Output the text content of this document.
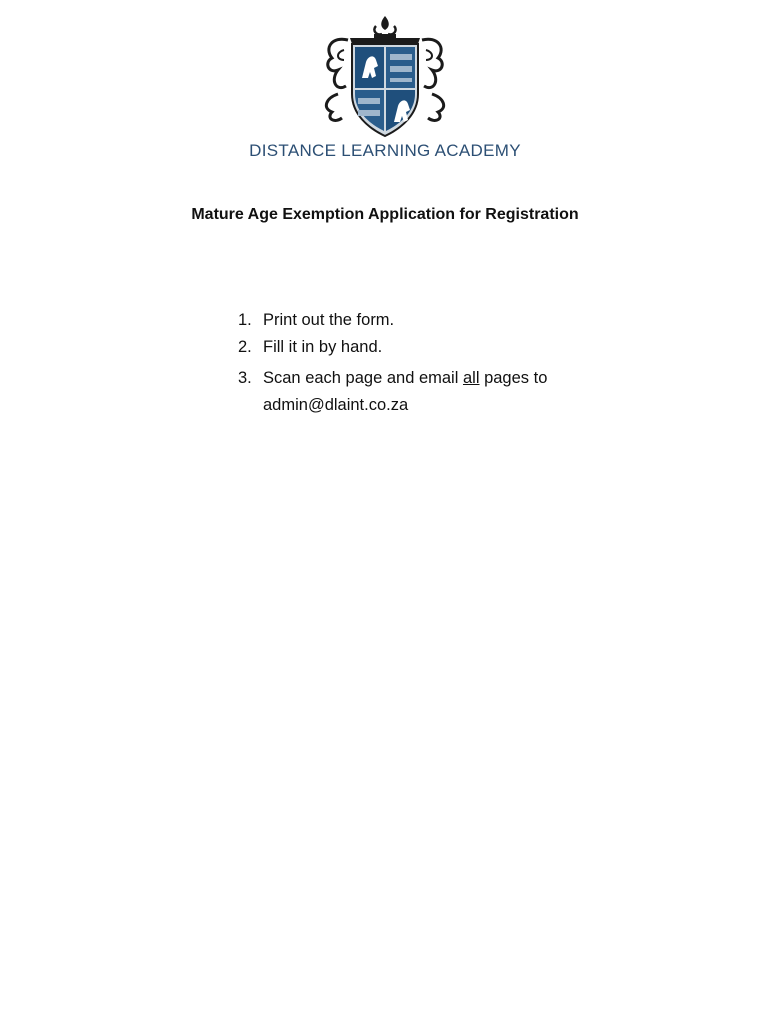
DISTANCE LEARNING ACADEMY
Mature Age Exemption Application for Registration
1. Print out the form.
2. Fill it in by hand.
3. Scan each page and email all pages to
admin@dlaint.co.za
